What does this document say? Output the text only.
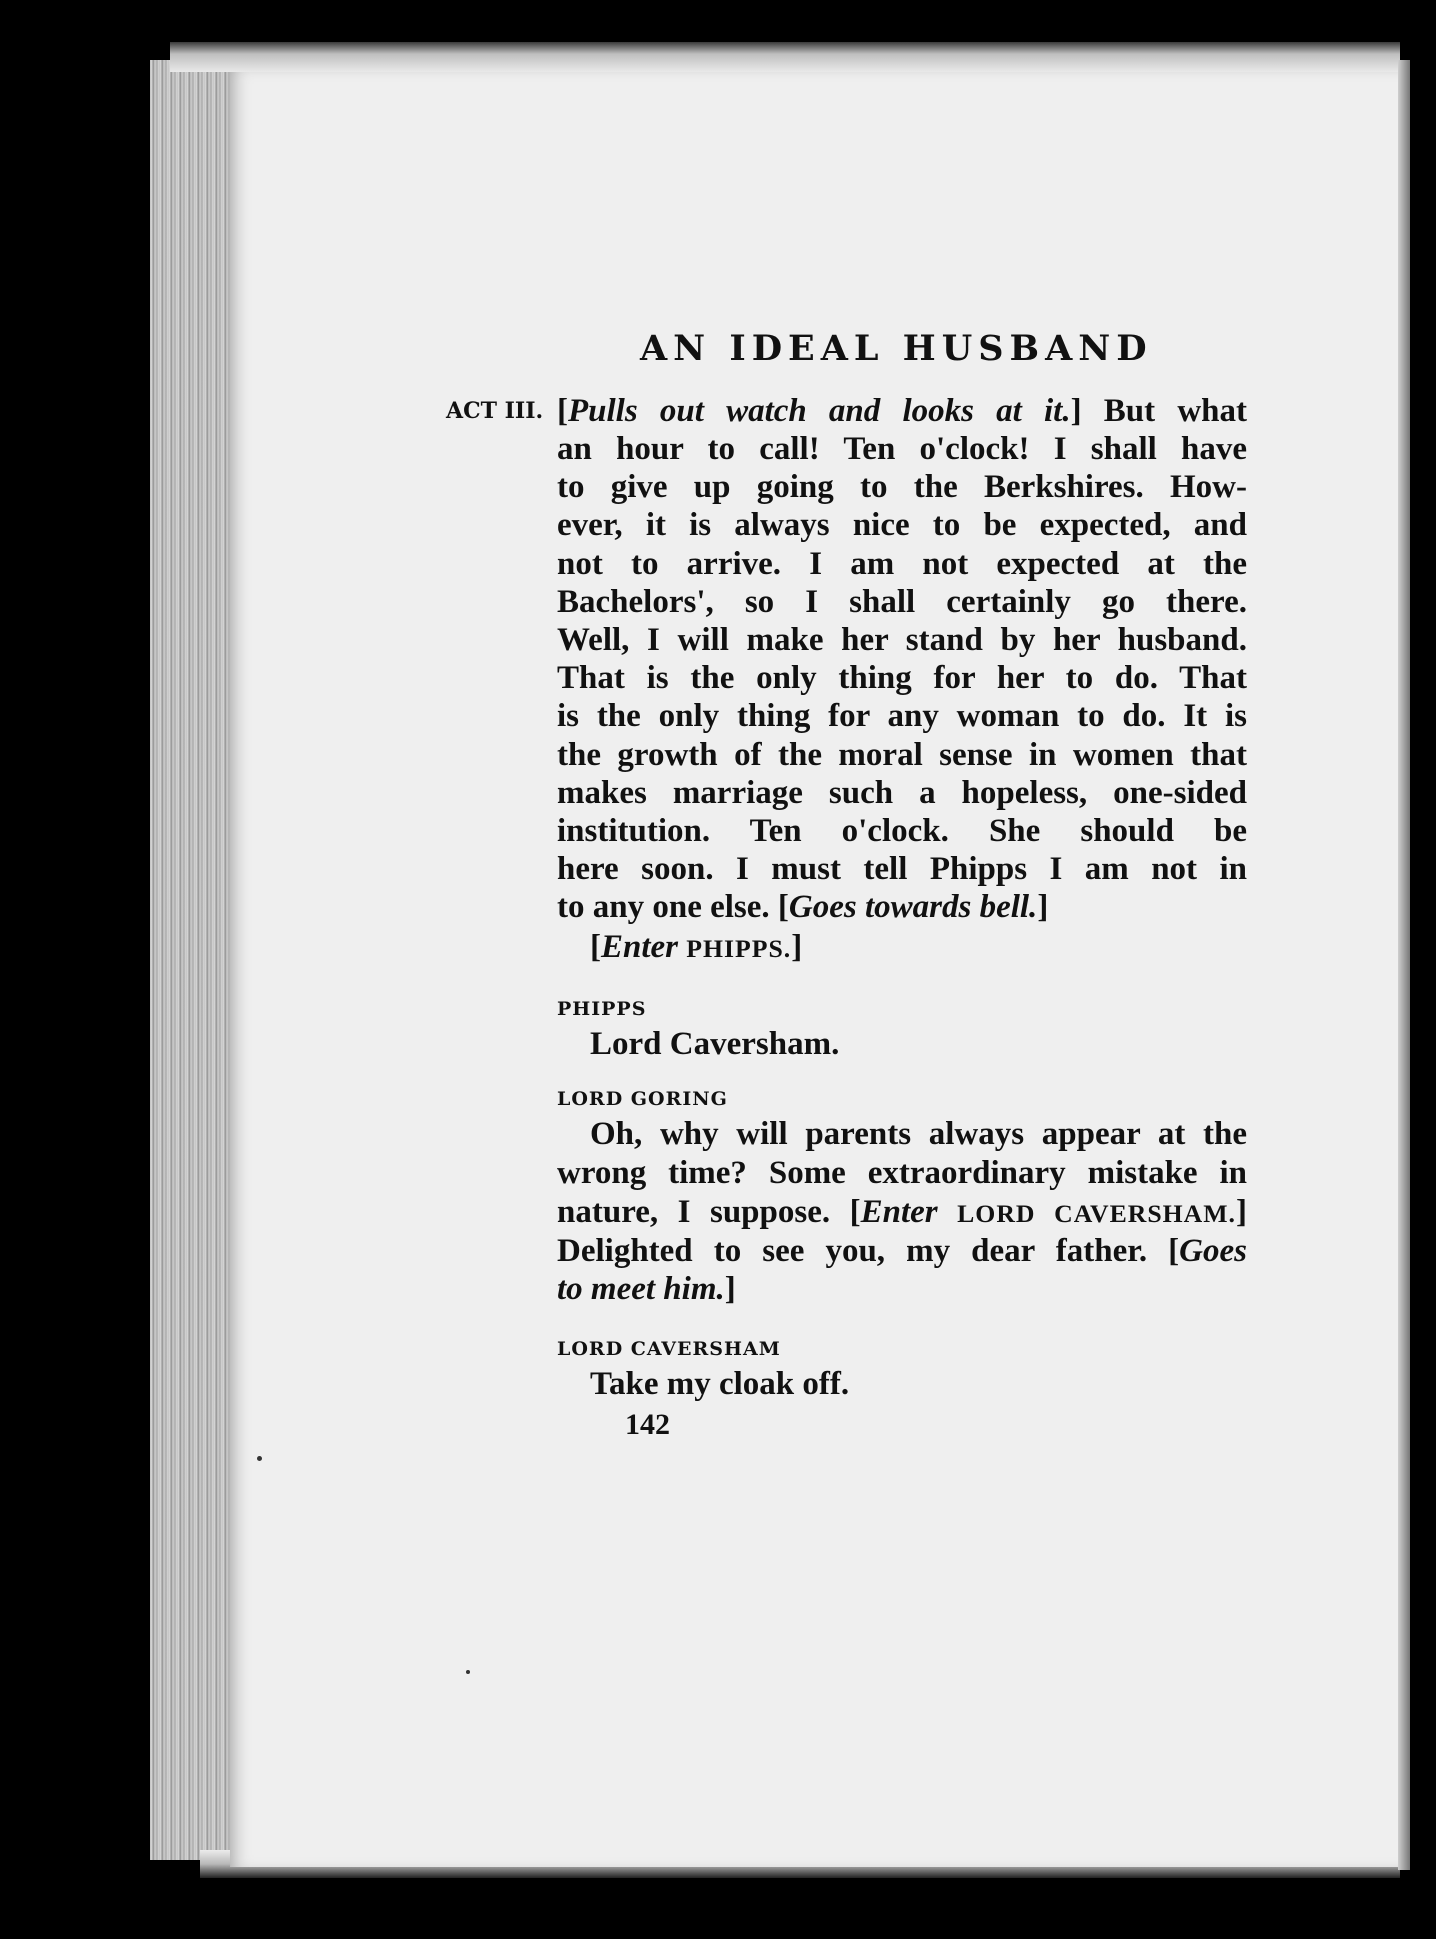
AN IDEAL HUSBAND
ACT III. [Pulls out watch and looks at it.] But what
an hour to call! Ten o'clock! I shall have
to give up going to the Berkshires. How-
ever, it is always nice to be expected, and
not to arrive. I am not expected at the
Bachelors', so I shall certainly go there.
Well, I will make her stand by her husband.
That is the only thing for her to do. That
is the only thing for any woman to do. It is
the growth of the moral sense in women that
makes marriage such a hopeless, one-sided
institution. Ten o'clock. She should be
here soon. I must tell Phipps I am not in
to any one else. [Goes towards bell.]
[Enter PHIPPS.]
PHIPPS
Lord Caversham.
LORD GORING
Oh, why will parents always appear at the
wrong time? Some extraordinary mistake in
nature, I suppose. [Enter LORD CAVERSHAM.]
Delighted to see you, my dear father. [Goes
to meet him.]
LORD CAVERSHAM
Take my cloak off.
142
